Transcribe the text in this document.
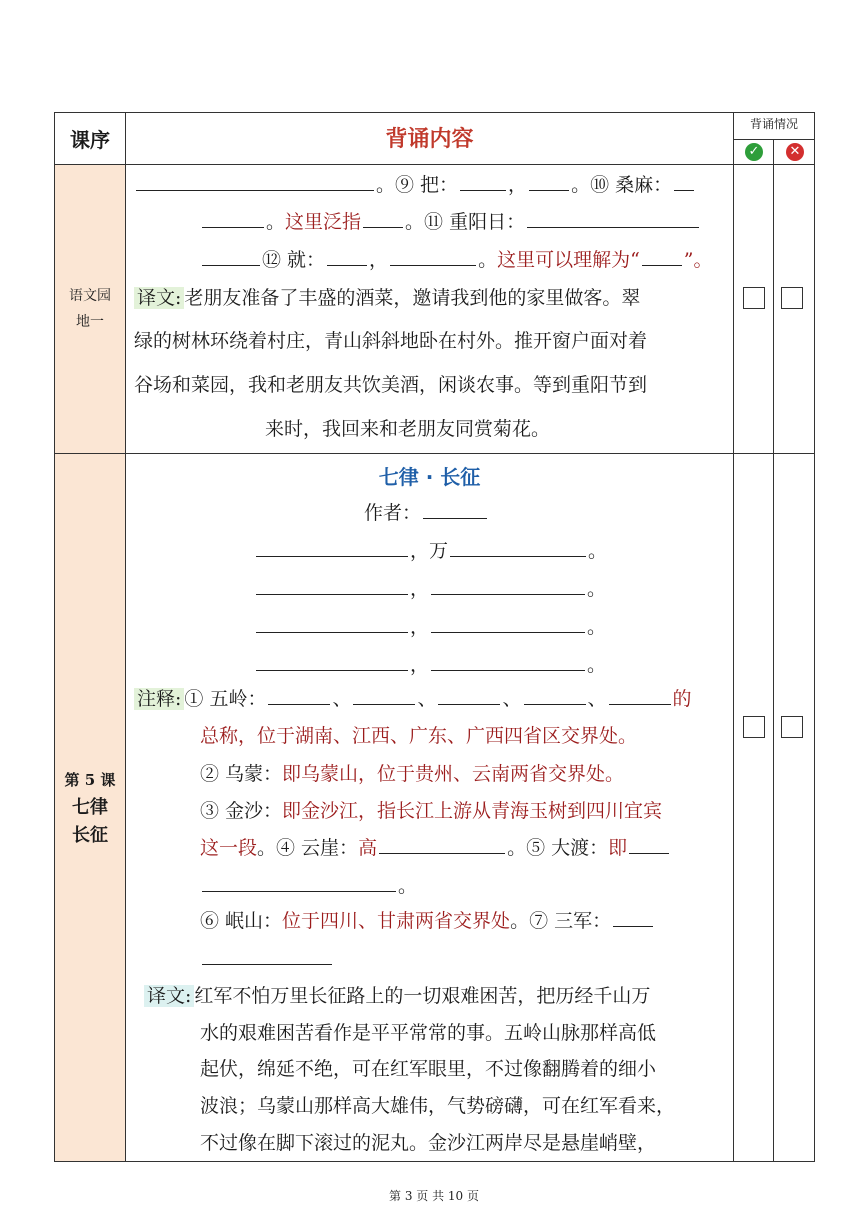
课序	背诵内容
背诵情况
✓ ✕
语文园
地一
。⑨ 把：	， 。⑩ 桑麻：
。这里泛指 。⑪ 重阳日：
⑫ 就： ，	。这里可以理解为“ ”。
译文: 老朋友准备了丰盛的酒菜，邀请我到他的家里做客。翠
绿的树林环绕着村庄，青山斜斜地卧在村外。推开窗户面对着
谷场和菜园，我和老朋友共饮美酒，闲谈农事。等到重阳节到
来时，我回来和老朋友同赏菊花。
第 5 课
七律
长征
七律 · 长征
作者：
，万	。
，	。
，	。
，	。
注释: ① 五岭：	、	、	、	、	的
总称，位于湖南、江西、广东、广西四省区交界处。
② 乌蒙：即乌蒙山，位于贵州、云南两省交界处。
③ 金沙：即金沙江，指长江上游从青海玉树到四川宜宾
这一段。④ 云崖：高	。⑤ 大渡：即
。
⑥ 岷山：位于四川、甘肃两省交界处。⑦ 三军：
译文: 红军不怕万里长征路上的一切艰难困苦，把历经千山万
水的艰难困苦看作是平平常常的事。五岭山脉那样高低
起伏，绵延不绝，可在红军眼里，不过像翻腾着的细小
波浪；乌蒙山那样高大雄伟，气势磅礴，可在红军看来，
不过像在脚下滚过的泥丸。金沙江两岸尽是悬崖峭壁，
第 3 页 共 10 页
